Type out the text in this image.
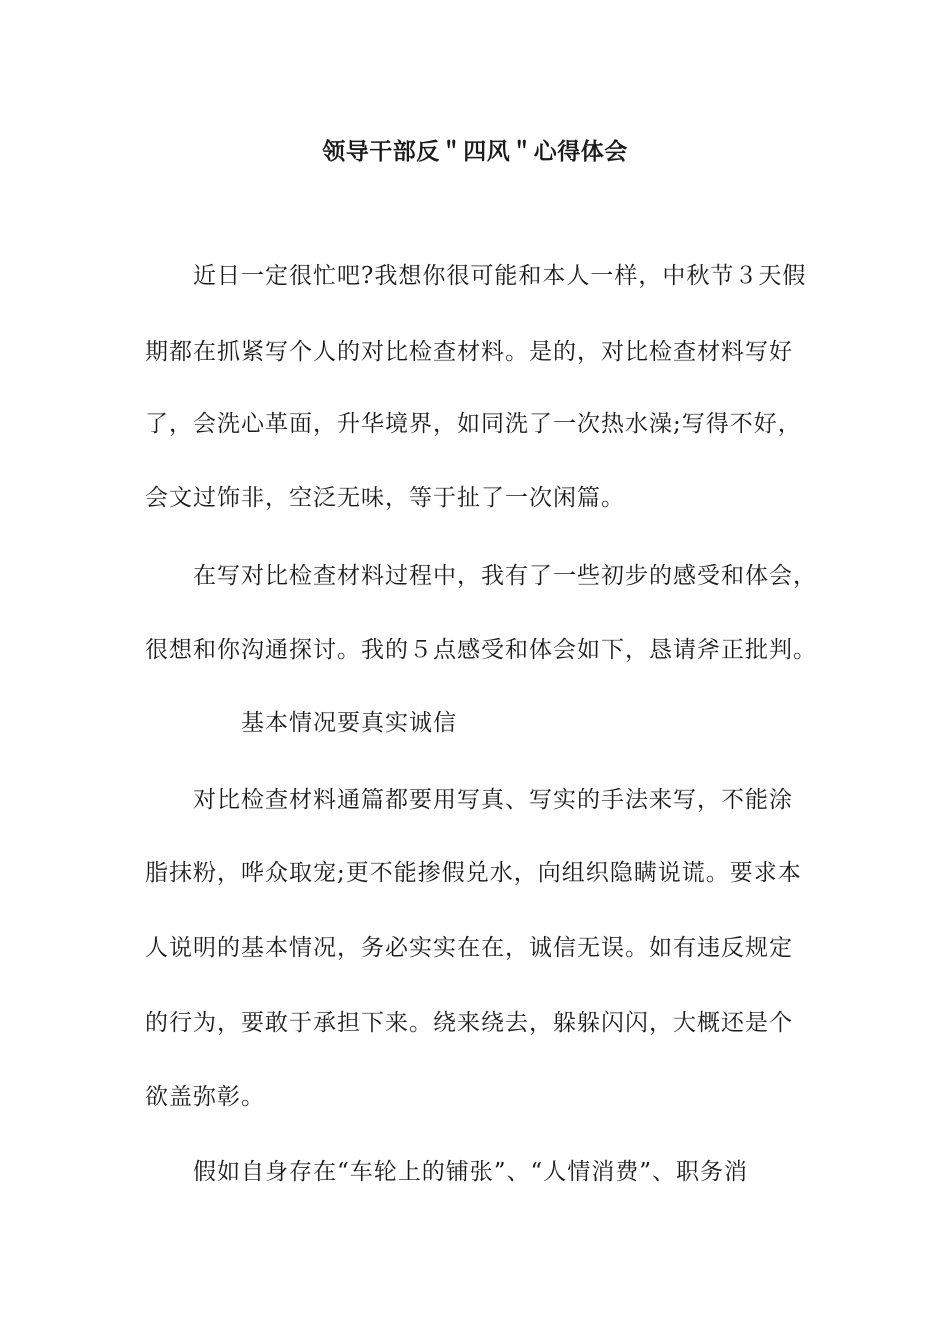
领导干部反＂四风＂心得体会
近日一定很忙吧?我想你很可能和本人一样，中秋节３天假
期都在抓紧写个人的对比检查材料。是的，对比检查材料写好
了，会洗心革面，升华境界，如同洗了一次热水澡;写得不好，
会文过饰非，空泛无味，等于扯了一次闲篇。
在写对比检查材料过程中，我有了一些初步的感受和体会，
很想和你沟通探讨。我的５点感受和体会如下，恳请斧正批判。
基本情况要真实诚信
对比检查材料通篇都要用写真、写实的手法来写，不能涂
脂抹粉，哗众取宠;更不能掺假兑水，向组织隐瞒说谎。要求本
人说明的基本情况，务必实实在在，诚信无误。如有违反规定
的行为，要敢于承担下来。绕来绕去，躲躲闪闪，大概还是个
欲盖弥彰。
假如自身存在“车轮上的铺张”、“人情消费”、职务消
